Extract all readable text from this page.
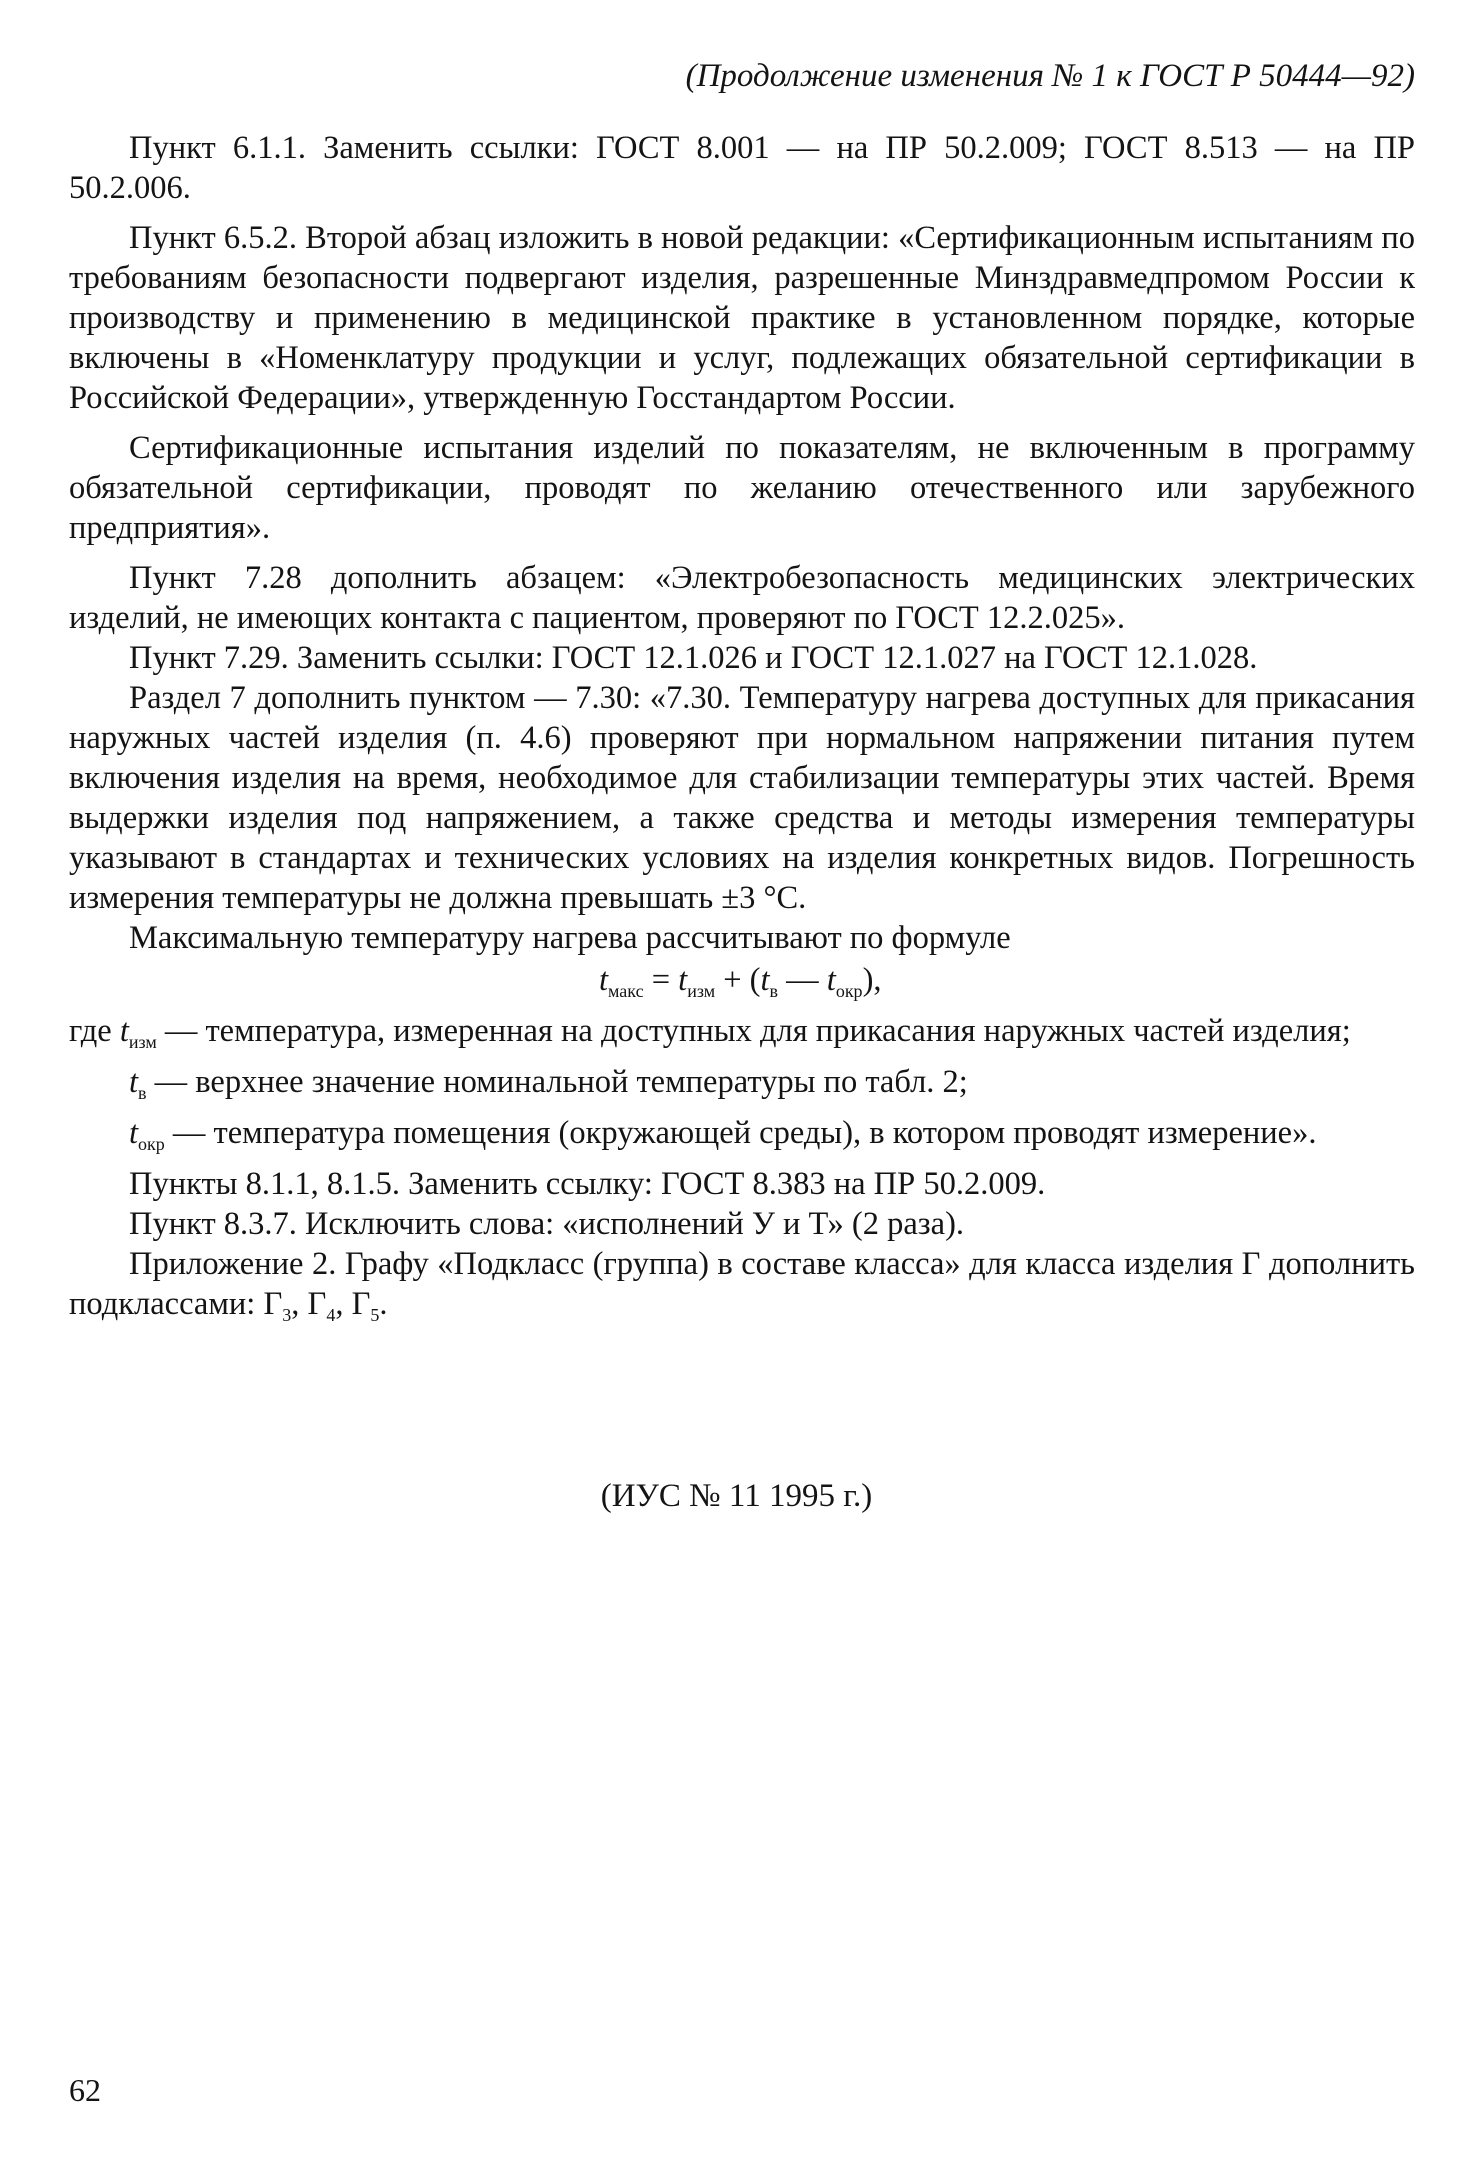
(Продолжение изменения № 1 к ГОСТ Р 50444—92)

Пункт 6.1.1. Заменить ссылки: ГОСТ 8.001 — на ПР 50.2.009; ГОСТ 8.513 — на ПР 50.2.006.

Пункт 6.5.2. Второй абзац изложить в новой редакции: «Сертификационным испытаниям по требованиям безопасности подвергают изделия, разрешенные Минздравмедпромом России к производству и применению в медицинской практике в установленном порядке, которые включены в «Номенклатуру продукции и услуг, подлежащих обязательной сертификации в Российской Федерации», утвержденную Госстандартом России.

Сертификационные испытания изделий по показателям, не включенным в программу обязательной сертификации, проводят по желанию отечественного или зарубежного предприятия».

Пункт 7.28 дополнить абзацем: «Электробезопасность медицинских электрических изделий, не имеющих контакта с пациентом, проверяют по ГОСТ 12.2.025».

Пункт 7.29. Заменить ссылки: ГОСТ 12.1.026 и ГОСТ 12.1.027 на ГОСТ 12.1.028.

Раздел 7 дополнить пунктом — 7.30: «7.30. Температуру нагрева доступных для прикасания наружных частей изделия (п. 4.6) проверяют при нормальном напряжении питания путем включения изделия на время, необходимое для стабилизации температуры этих частей. Время выдержки изделия под напряжением, а также средства и методы измерения температуры указывают в стандартах и технических условиях на изделия конкретных видов. Погрешность измерения температуры не должна превышать ±3 °С.

Максимальную температуру нагрева рассчитывают по формуле

$t_{макс} = t_{изм} + (t_в$ — $t_{окр}$),

где $t_{изм}$ — температура, измеренная на доступных для прикасания наружных частей изделия;

$t_в$ — верхнее значение номинальной температуры по табл. 2;

$t_{окр}$ — температура помещения (окружающей среды), в котором проводят измерение».

Пункты 8.1.1, 8.1.5. Заменить ссылку: ГОСТ 8.383 на ПР 50.2.009.

Пункт 8.3.7. Исключить слова: «исполнений У и Т» (2 раза).

Приложение 2. Графу «Подкласс (группа) в составе класса» для класса изделия Г дополнить подклассами: $Г_3$, $Г_4$, $Г_5$.

(ИУС № 11 1995 г.)
62
